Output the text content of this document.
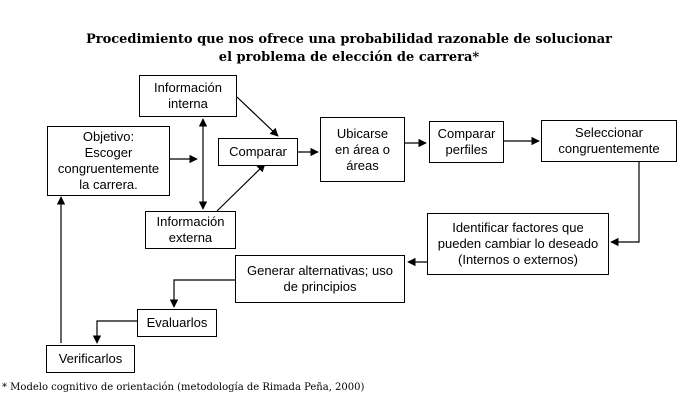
Procedimiento que nos ofrece una probabilidad razonable de solucionar
el problema de elección de carrera*
Información
interna
Objetivo:
Escoger
congruentemente
la carrera.
Comparar
Información
externa
Ubicarse
en área o
áreas
Comparar
perfiles
Seleccionar
congruentemente
Identificar factores que
pueden cambiar lo deseado
(Internos o externos)
Generar alternativas; uso
de principios
Evaluarlos
Verificarlos
* Modelo cognitivo de orientación (metodología de Rimada Peña, 2000)
